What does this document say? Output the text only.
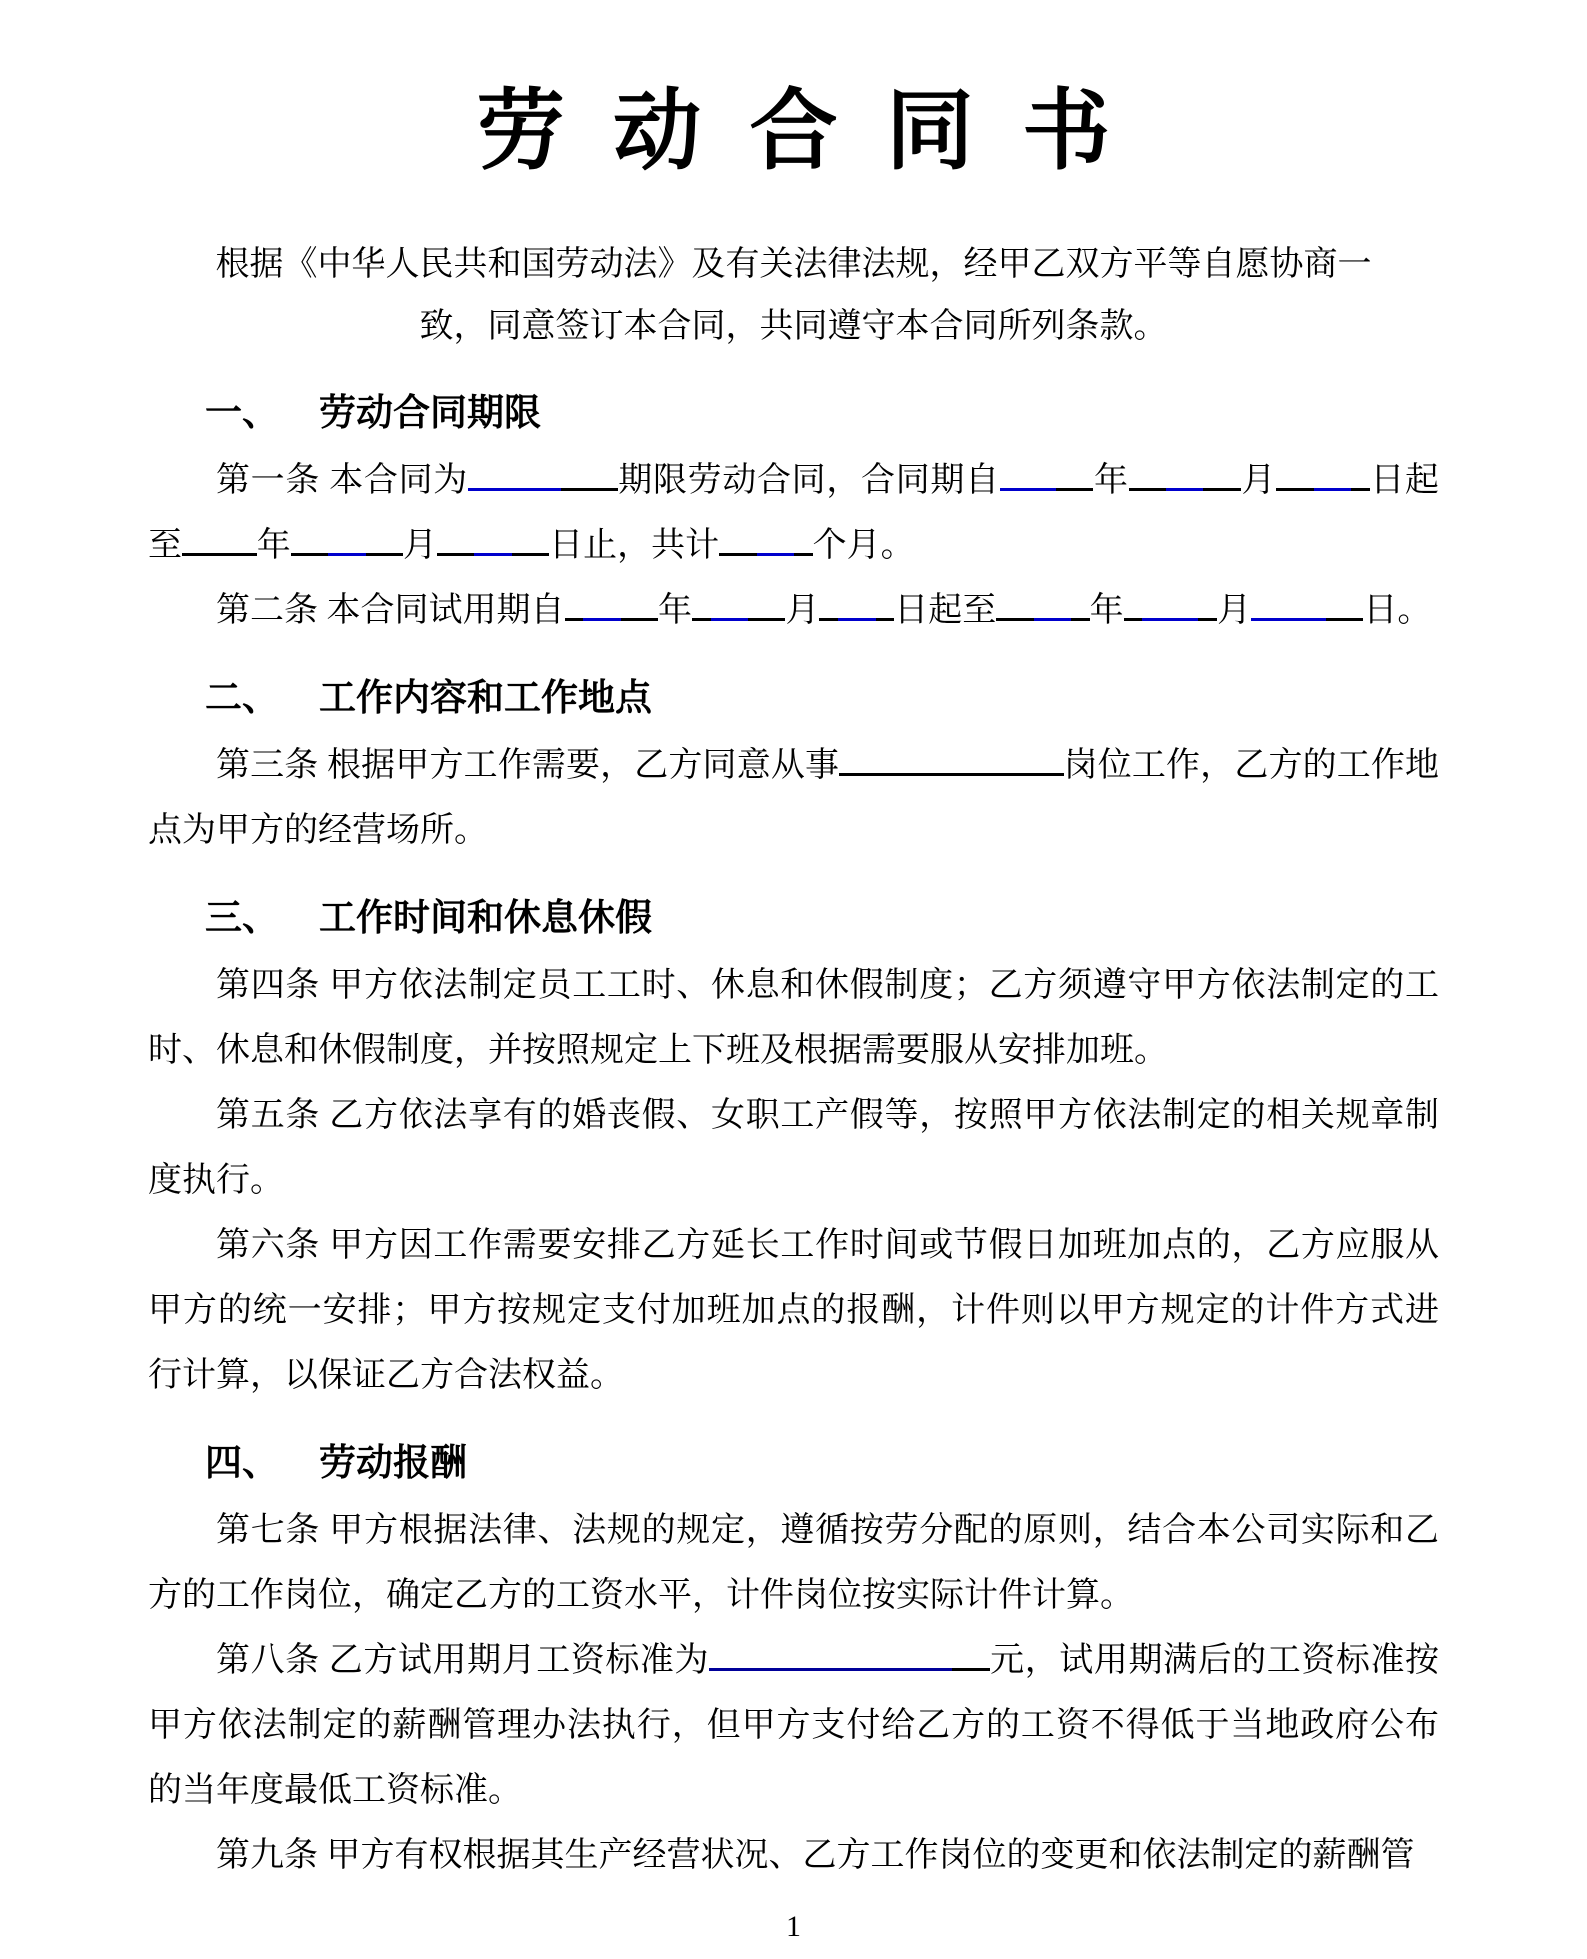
劳动合同书

根据《中华人民共和国劳动法》及有关法律法规，经甲乙双方平等自愿协商一致，同意签订本合同，共同遵守本合同所列条款。

一、 劳动合同期限

第一条 本合同为	期限劳动合同，合同期自	年	月	日起至 年	月	日止，共计	个月。

第二条 本合同试用期自	年	月 日起至	年	月	日。

二、 工作内容和工作地点

第三条 根据甲方工作需要，乙方同意从事	岗位工作，乙方的工作地点为甲方的经营场所。

三、 工作时间和休息休假

第四条 甲方依法制定员工工时、休息和休假制度；乙方须遵守甲方依法制定的工时、休息和休假制度，并按照规定上下班及根据需要服从安排加班。

第五条 乙方依法享有的婚丧假、女职工产假等，按照甲方依法制定的相关规章制度执行。

第六条 甲方因工作需要安排乙方延长工作时间或节假日加班加点的，乙方应服从甲方的统一安排；甲方按规定支付加班加点的报酬，计件则以甲方规定的计件方式进行计算，以保证乙方合法权益。

四、 劳动报酬

第七条 甲方根据法律、法规的规定，遵循按劳分配的原则，结合本公司实际和乙方的工作岗位，确定乙方的工资水平，计件岗位按实际计件计算。

第八条 乙方试用期月工资标准为	元，试用期满后的工资标准按甲方依法制定的薪酬管理办法执行，但甲方支付给乙方的工资不得低于当地政府公布的当年度最低工资标准。

第九条 甲方有权根据其生产经营状况、乙方工作岗位的变更和依法制定的薪酬管

1
